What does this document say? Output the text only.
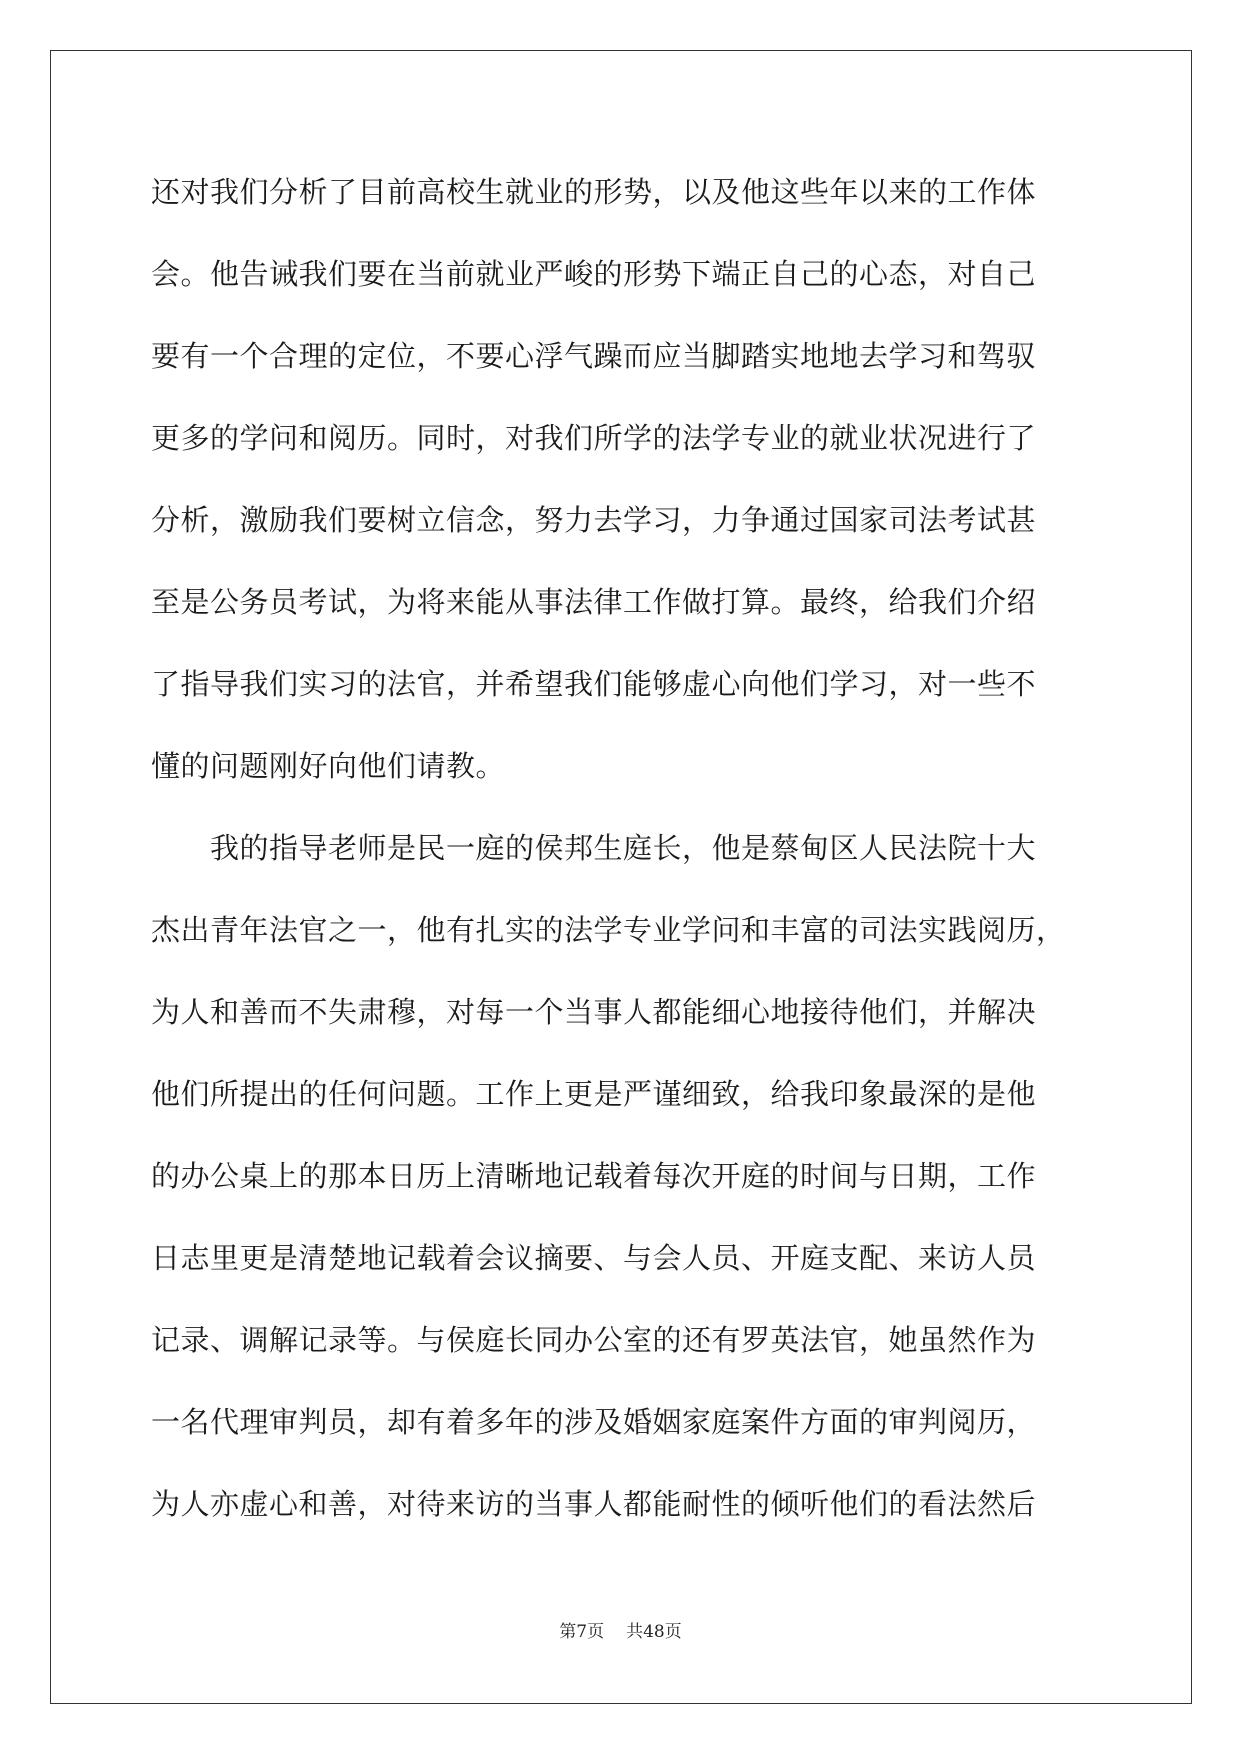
还对我们分析了目前高校生就业的形势，以及他这些年以来的工作体
会。他告诫我们要在当前就业严峻的形势下端正自己的心态，对自己
要有一个合理的定位，不要心浮气躁而应当脚踏实地地去学习和驾驭
更多的学问和阅历。同时，对我们所学的法学专业的就业状况进行了
分析，激励我们要树立信念，努力去学习，力争通过国家司法考试甚
至是公务员考试，为将来能从事法律工作做打算。最终，给我们介绍
了指导我们实习的法官，并希望我们能够虚心向他们学习，对一些不
懂的问题刚好向他们请教。
　　我的指导老师是民一庭的侯邦生庭长，他是蔡甸区人民法院十大
杰出青年法官之一，他有扎实的法学专业学问和丰富的司法实践阅历，
为人和善而不失肃穆，对每一个当事人都能细心地接待他们，并解决
他们所提出的任何问题。工作上更是严谨细致，给我印象最深的是他
的办公桌上的那本日历上清晰地记载着每次开庭的时间与日期，工作
日志里更是清楚地记载着会议摘要、与会人员、开庭支配、来访人员
记录、调解记录等。与侯庭长同办公室的还有罗英法官，她虽然作为
一名代理审判员，却有着多年的涉及婚姻家庭案件方面的审判阅历，
为人亦虚心和善，对待来访的当事人都能耐性的倾听他们的看法然后
第7页 共48页
